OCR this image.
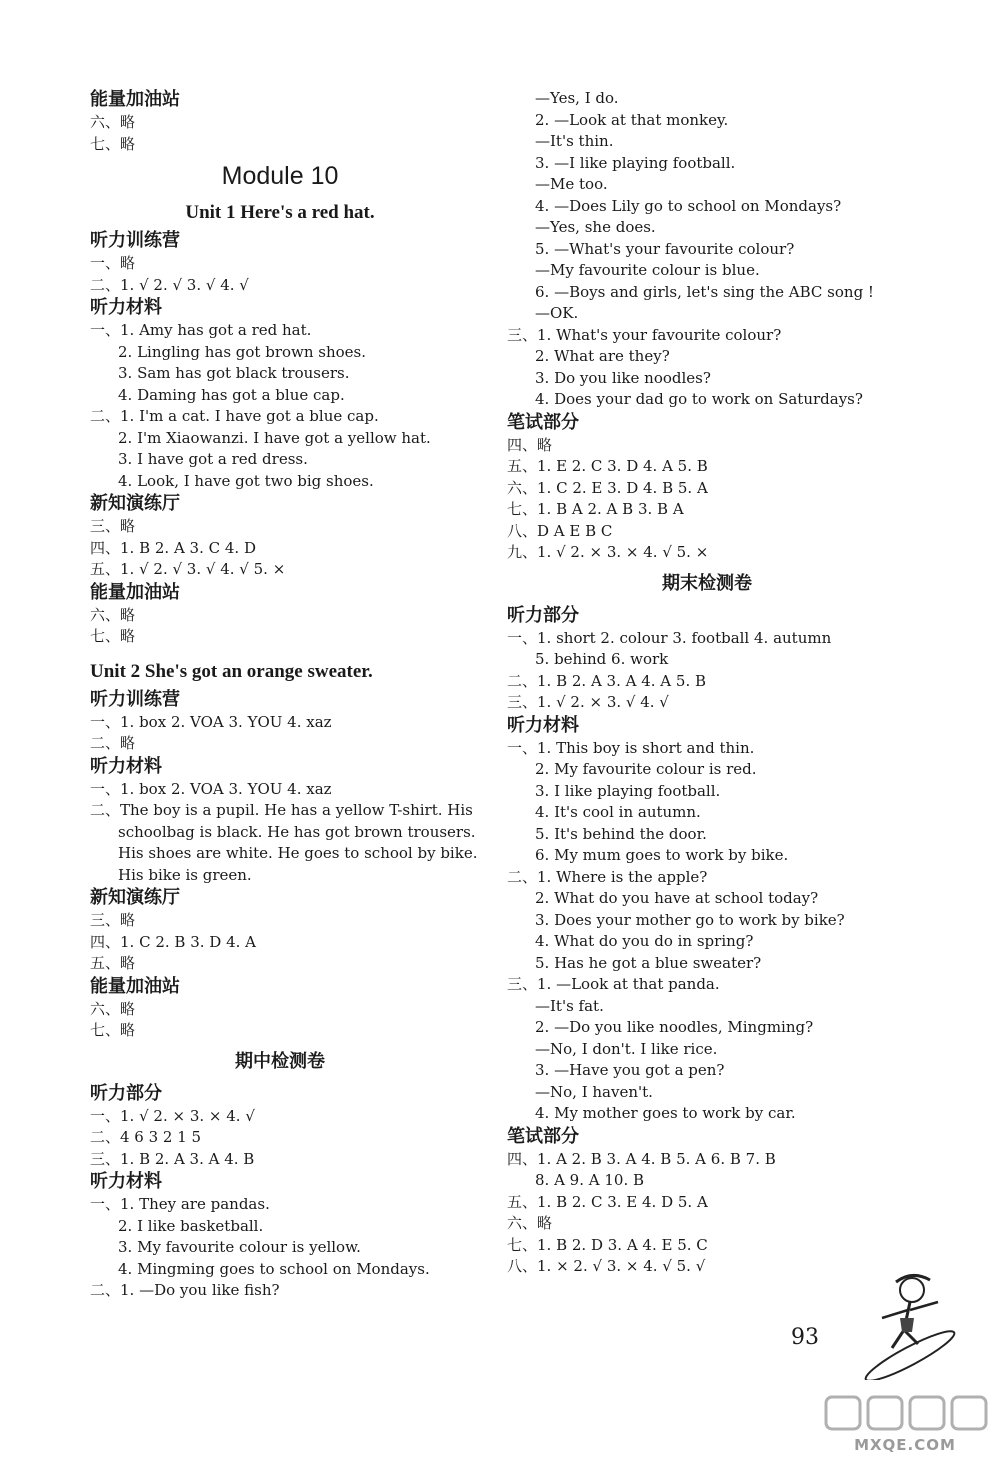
能量加油站
六、略
七、略
Module 10
Unit 1 Here's a red hat.
听力训练营
一、略
二、1. √ 2. √ 3. √ 4. √
听力材料
一、1. Amy has got a red hat.
2. Lingling has got brown shoes.
3. Sam has got black trousers.
4. Daming has got a blue cap.
二、1. I'm a cat. I have got a blue cap.
2. I'm Xiaowanzi. I have got a yellow hat.
3. I have got a red dress.
4. Look, I have got two big shoes.
新知演练厅
三、略
四、1. B 2. A 3. C 4. D
五、1. √ 2. √ 3. √ 4. √ 5. ×
能量加油站
六、略
七、略
Unit 2 She's got an orange sweater.
听力训练营
一、1. box 2. VOA 3. YOU 4. xaz
二、略
听力材料
一、1. box 2. VOA 3. YOU 4. xaz
二、The boy is a pupil. He has a yellow T-shirt. His
schoolbag is black. He has got brown trousers.
His shoes are white. He goes to school by bike.
His bike is green.
新知演练厅
三、略
四、1. C 2. B 3. D 4. A
五、略
能量加油站
六、略
七、略
期中检测卷
听力部分
一、1. √ 2. × 3. × 4. √
二、4 6 3 2 1 5
三、1. B 2. A 3. A 4. B
听力材料
一、1. They are pandas.
2. I like basketball.
3. My favourite colour is yellow.
4. Mingming goes to school on Mondays.
二、1. —Do you like fish?
—Yes, I do.
2. —Look at that monkey.
—It's thin.
3. —I like playing football.
—Me too.
4. —Does Lily go to school on Mondays?
—Yes, she does.
5. —What's your favourite colour?
—My favourite colour is blue.
6. —Boys and girls, let's sing the ABC song !
—OK.
三、1. What's your favourite colour?
2. What are they?
3. Do you like noodles?
4. Does your dad go to work on Saturdays?
笔试部分
四、略
五、1. E 2. C 3. D 4. A 5. B
六、1. C 2. E 3. D 4. B 5. A
七、1. B A 2. A B 3. B A
八、D A E B C
九、1. √ 2. × 3. × 4. √ 5. ×
期末检测卷
听力部分
一、1. short 2. colour 3. football 4. autumn
5. behind 6. work
二、1. B 2. A 3. A 4. A 5. B
三、1. √ 2. × 3. √ 4. √
听力材料
一、1. This boy is short and thin.
2. My favourite colour is red.
3. I like playing football.
4. It's cool in autumn.
5. It's behind the door.
6. My mum goes to work by bike.
二、1. Where is the apple?
2. What do you have at school today?
3. Does your mother go to work by bike?
4. What do you do in spring?
5. Has he got a blue sweater?
三、1. —Look at that panda.
—It's fat.
2. —Do you like noodles, Mingming?
—No, I don't. I like rice.
3. —Have you got a pen?
—No, I haven't.
4. My mother goes to work by car.
笔试部分
四、1. A 2. B 3. A 4. B 5. A 6. B 7. B
8. A 9. A 10. B
五、1. B 2. C 3. E 4. D 5. A
六、略
七、1. B 2. D 3. A 4. E 5. C
八、1. × 2. √ 3. × 4. √ 5. √
93
MXQE.COM
